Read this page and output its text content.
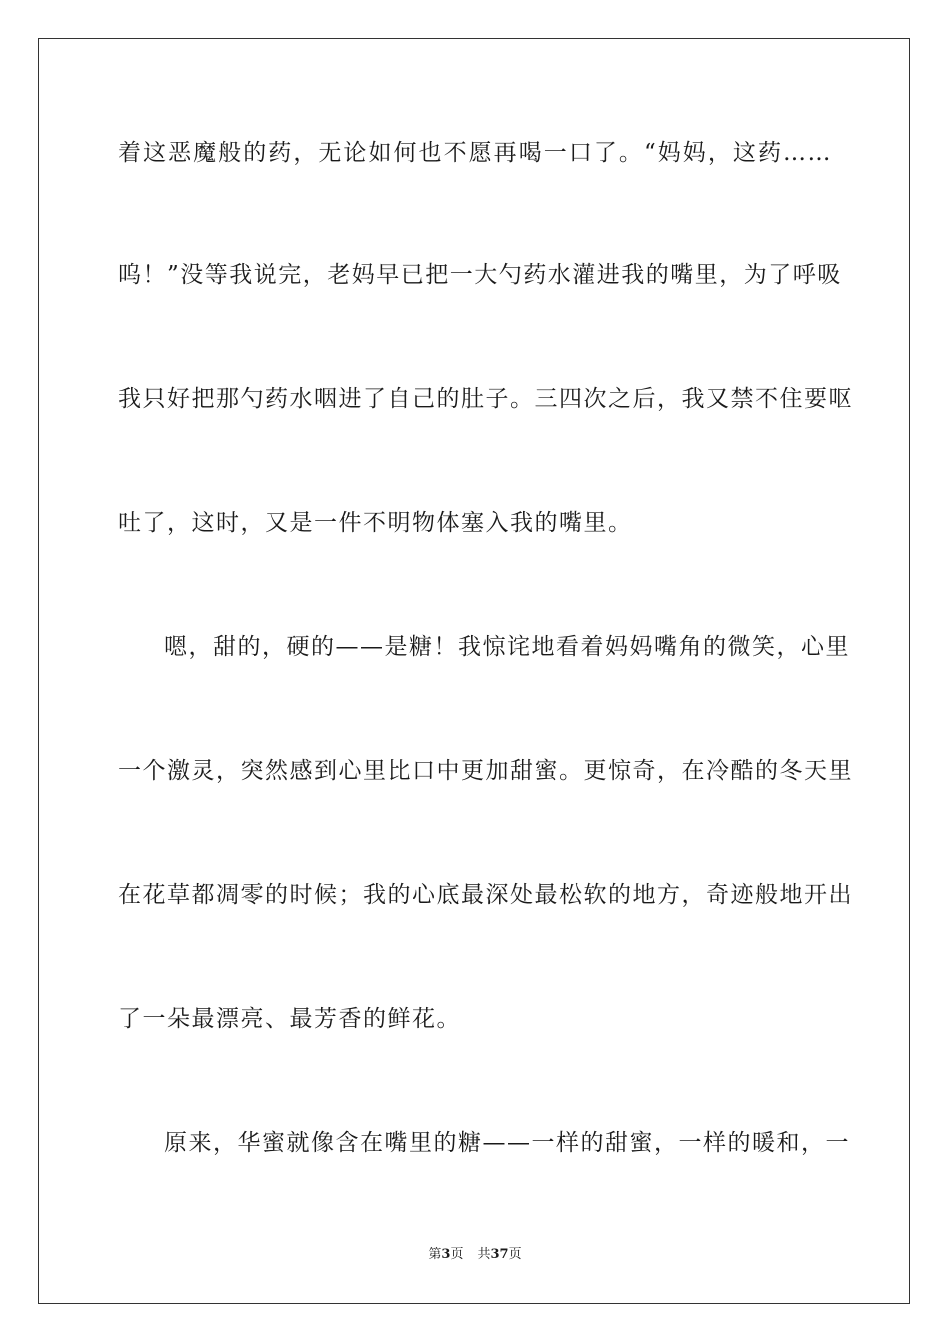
着这恶魔般的药，无论如何也不愿再喝一口了。“妈妈，这药……
呜！”没等我说完，老妈早已把一大勺药水灌进我的嘴里，为了呼吸
我只好把那勺药水咽进了自己的肚子。三四次之后，我又禁不住要呕
吐了，这时，又是一件不明物体塞入我的嘴里。
嗯，甜的，硬的——是糖！我惊诧地看着妈妈嘴角的微笑，心里
一个激灵，突然感到心里比口中更加甜蜜。更惊奇，在冷酷的冬天里
在花草都凋零的时候；我的心底最深处最松软的地方，奇迹般地开出
了一朵最漂亮、最芳香的鲜花。
原来，华蜜就像含在嘴里的糖——一样的甜蜜，一样的暖和，一
第3页 共37页
